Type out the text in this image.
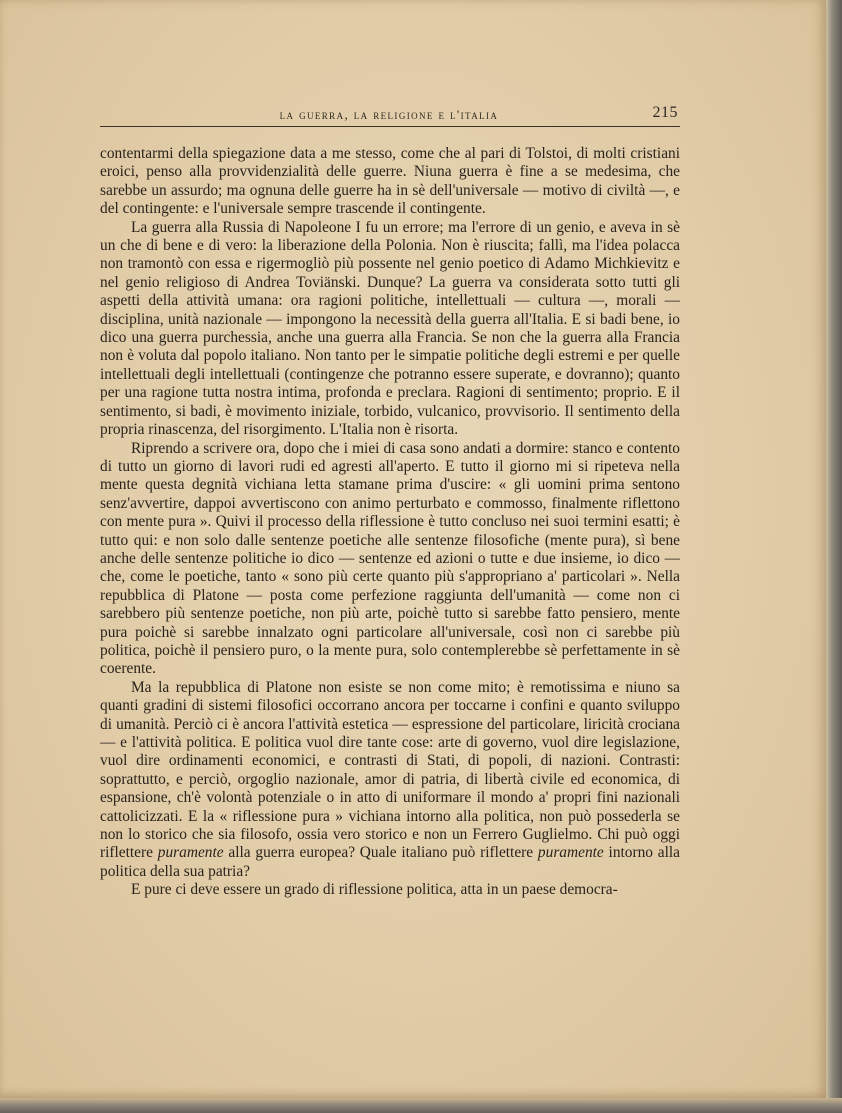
la guerra, la religione e l'italia	215

contentarmi della spiegazione data a me stesso, come che al pari di Tolstoi, di molti cristiani eroici, penso alla provvidenzialità delle guerre. Niuna guerra è fine a se medesima, che sarebbe un assurdo; ma ognuna delle guerre ha in sè dell'universale — motivo di civiltà —, e del contingente: e l'universale sempre trascende il contingente.

La guerra alla Russia di Napoleone I fu un errore; ma l'errore di un genio, e aveva in sè un che di bene e di vero: la liberazione della Polonia. Non è riuscita; fallì, ma l'idea polacca non tramontò con essa e rigermogliò più possente nel genio poetico di Adamo Michkievitz e nel genio religioso di Andrea Toviänski. Dunque? La guerra va considerata sotto tutti gli aspetti della attività umana: ora ragioni politiche, intellettuali — cultura —, morali — disciplina, unità nazionale — impongono la necessità della guerra all'Italia. E si badi bene, io dico una guerra purchessia, anche una guerra alla Francia. Se non che la guerra alla Francia non è voluta dal popolo italiano. Non tanto per le simpatie politiche degli estremi e per quelle intellettuali degli intellettuali (contingenze che potranno essere superate, e dovranno); quanto per una ragione tutta nostra intima, profonda e preclara. Ragioni di sentimento; proprio. E il sentimento, si badi, è movimento iniziale, torbido, vulcanico, provvisorio. Il sentimento della propria rinascenza, del risorgimento. L'Italia non è risorta.

Riprendo a scrivere ora, dopo che i miei di casa sono andati a dormire: stanco e contento di tutto un giorno di lavori rudi ed agresti all'aperto. E tutto il giorno mi si ripeteva nella mente questa degnità vichiana letta stamane prima d'uscire: « gli uomini prima sentono senz'avvertire, dappoi avvertiscono con animo perturbato e commosso, finalmente riflettono con mente pura ». Quivi il processo della riflessione è tutto concluso nei suoi termini esatti; è tutto qui: e non solo dalle sentenze poetiche alle sentenze filosofiche (mente pura), sì bene anche delle sentenze politiche io dico — sentenze ed azioni o tutte e due insieme, io dico — che, come le poetiche, tanto « sono più certe quanto più s'appropriano a' particolari ». Nella repubblica di Platone — posta come perfezione raggiunta dell'umanità — come non ci sarebbero più sentenze poetiche, non più arte, poichè tutto si sarebbe fatto pensiero, mente pura poichè si sarebbe innalzato ogni particolare all'universale, così non ci sarebbe più politica, poichè il pensiero puro, o la mente pura, solo contemplerebbe sè perfettamente in sè coerente.

Ma la repubblica di Platone non esiste se non come mito; è remotissima e niuno sa quanti gradini di sistemi filosofici occorrano ancora per toccarne i confini e quanto sviluppo di umanità. Perciò ci è ancora l'attività estetica — espressione del particolare, liricità crociana — e l'attività politica. E politica vuol dire tante cose: arte di governo, vuol dire legislazione, vuol dire ordinamenti economici, e contrasti di Stati, di popoli, di nazioni. Contrasti: soprattutto, e perciò, orgoglio nazionale, amor di patria, di libertà civile ed economica, di espansione, ch'è volontà potenziale o in atto di uniformare il mondo a' propri fini nazionali cattolicizzati. E la « riflessione pura » vichiana intorno alla politica, non può possederla se non lo storico che sia filosofo, ossia vero storico e non un Ferrero Guglielmo. Chi può oggi riflettere puramente alla guerra europea? Quale italiano può riflettere puramente intorno alla politica della sua patria?

E pure ci deve essere un grado di riflessione politica, atta in un paese democra-
